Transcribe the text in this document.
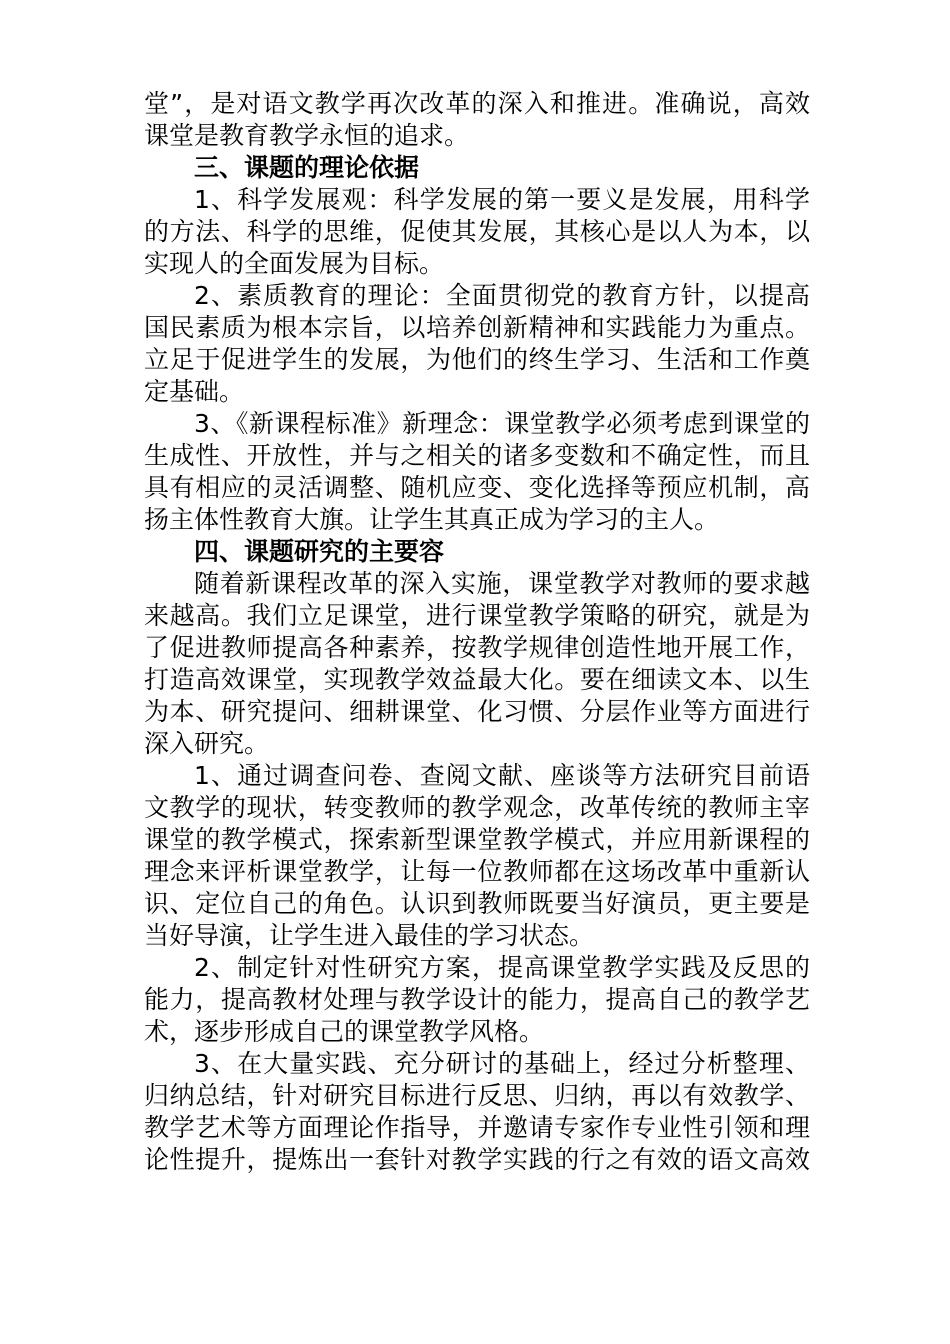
堂”，是对语文教学再次改革的深入和推进。准确说，高效
课堂是教育教学永恒的追求。
三、课题的理论依据
1、科学发展观：科学发展的第一要义是发展，用科学
的方法、科学的思维，促使其发展，其核心是以人为本，以
实现人的全面发展为目标。
2、素质教育的理论：全面贯彻党的教育方针，以提高
国民素质为根本宗旨，以培养创新精神和实践能力为重点。
立足于促进学生的发展，为他们的终生学习、生活和工作奠
定基础。
3、《新课程标准》新理念：课堂教学必须考虑到课堂的
生成性、开放性，并与之相关的诸多变数和不确定性，而且
具有相应的灵活调整、随机应变、变化选择等预应机制，高
扬主体性教育大旗。让学生其真正成为学习的主人。
四、课题研究的主要容
随着新课程改革的深入实施，课堂教学对教师的要求越
来越高。我们立足课堂，进行课堂教学策略的研究，就是为
了促进教师提高各种素养，按教学规律创造性地开展工作，
打造高效课堂，实现教学效益最大化。要在细读文本、以生
为本、研究提问、细耕课堂、化习惯、分层作业等方面进行
深入研究。
1、通过调查问卷、查阅文献、座谈等方法研究目前语
文教学的现状，转变教师的教学观念，改革传统的教师主宰
课堂的教学模式，探索新型课堂教学模式，并应用新课程的
理念来评析课堂教学，让每一位教师都在这场改革中重新认
识、定位自己的角色。认识到教师既要当好演员，更主要是
当好导演，让学生进入最佳的学习状态。
2、制定针对性研究方案，提高课堂教学实践及反思的
能力，提高教材处理与教学设计的能力，提高自己的教学艺
术，逐步形成自己的课堂教学风格。
3、在大量实践、充分研讨的基础上，经过分析整理、
归纳总结，针对研究目标进行反思、归纳，再以有效教学、
教学艺术等方面理论作指导，并邀请专家作专业性引领和理
论性提升，提炼出一套针对教学实践的行之有效的语文高效
